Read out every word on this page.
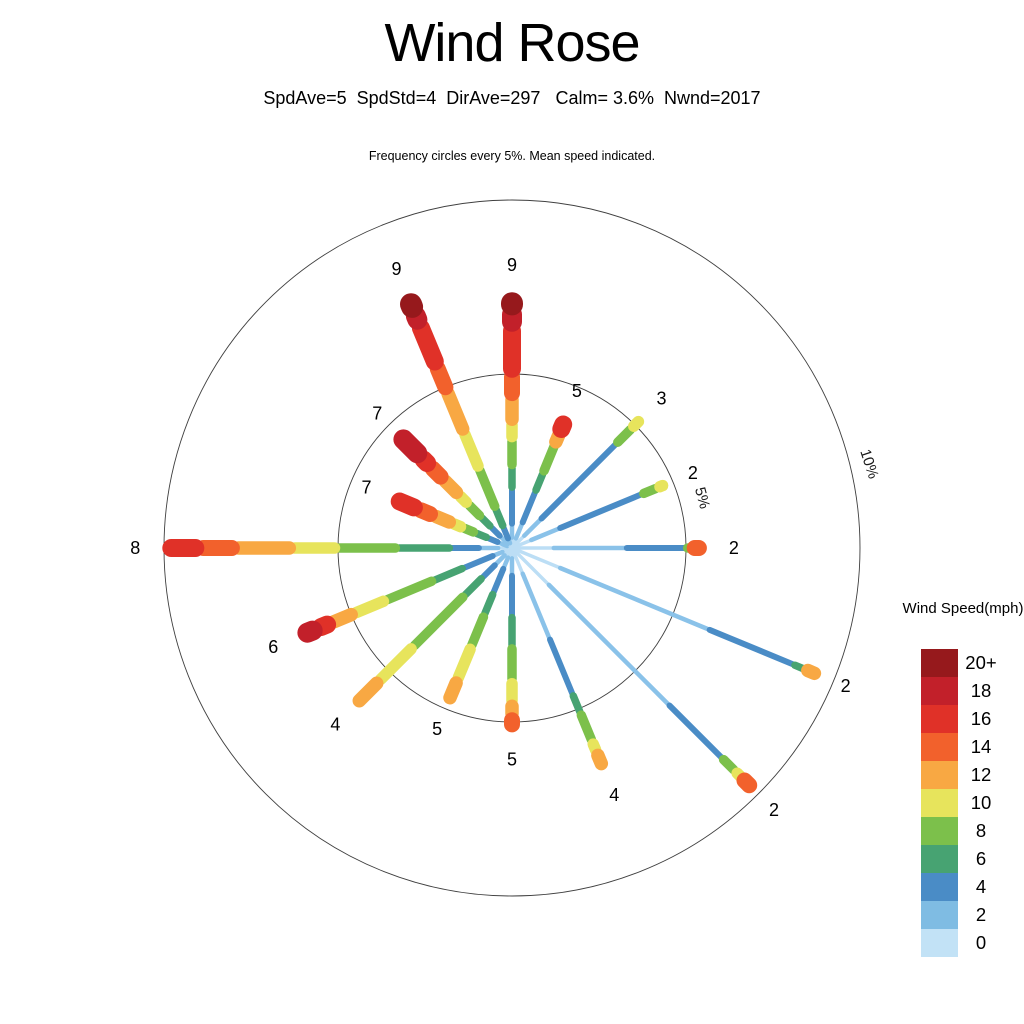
Wind Rose
SpdAve=5  SpdStd=4  DirAve=297   Calm= 3.6%  Nwnd=2017
Frequency circles every 5%. Mean speed indicated.
9
5	3
2
2
2
2
4
5
5
4
6
8
7
7
9
5%
10%
Wind Speed(mph)
20+
18
16
14
12
10
8
6
4
2
0
